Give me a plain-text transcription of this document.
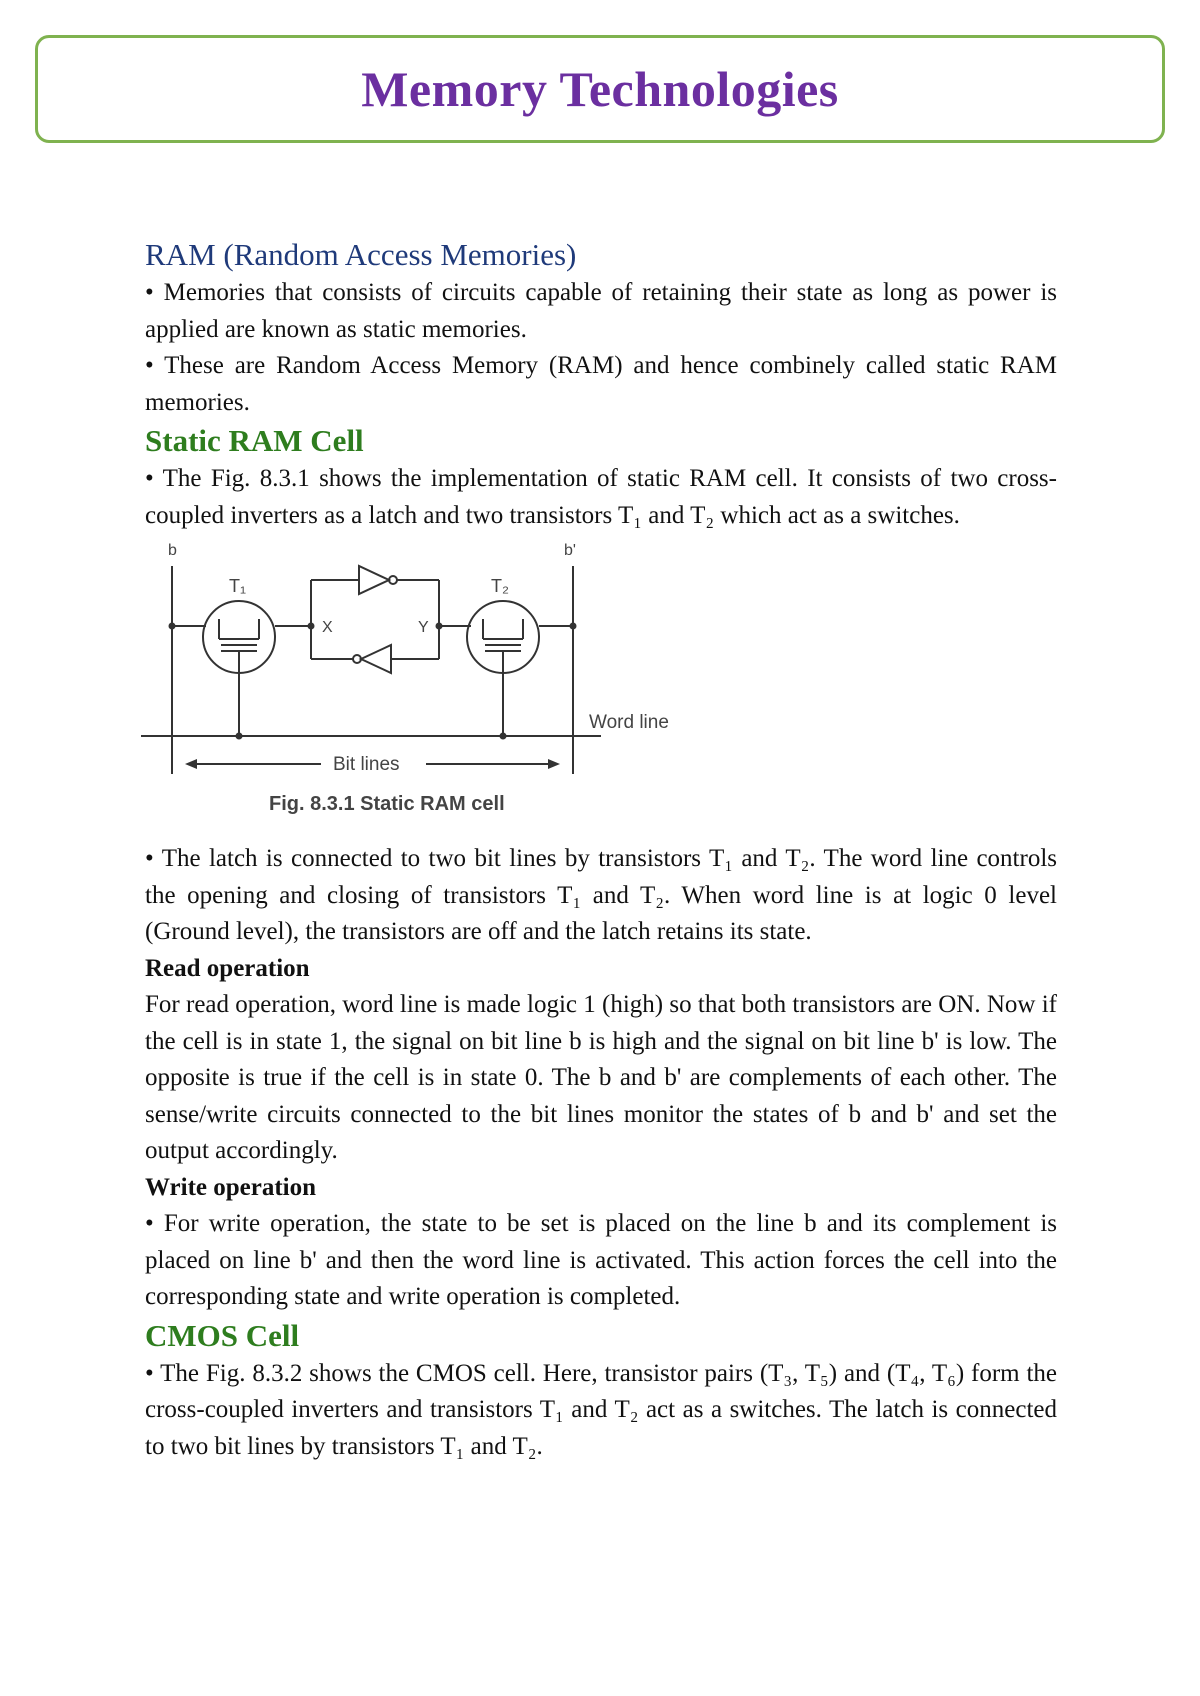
Memory Technologies
RAM (Random Access Memories)

• Memories that consists of circuits capable of retaining their state as long as power is applied are known as static memories.

• These are Random Access Memory (RAM) and hence combinely called static RAM memories.

Static RAM Cell

• The Fig. 8.3.1 shows the implementation of static RAM cell. It consists of two cross-coupled inverters as a latch and two transistors T₁ and T₂ which act as a switches.

b	b'
T₁	T₂
X	Y
Word line
Bit lines
Fig. 8.3.1 Static RAM cell

• The latch is connected to two bit lines by transistors T₁ and T₂. The word line controls the opening and closing of transistors T₁ and T₂. When word line is at logic 0 level (Ground level), the transistors are off and the latch retains its state.

Read operation

For read operation, word line is made logic 1 (high) so that both transistors are ON. Now if the cell is in state 1, the signal on bit line b is high and the signal on bit line b' is low. The opposite is true if the cell is in state 0. The b and b' are complements of each other. The sense/write circuits connected to the bit lines monitor the states of b and b' and set the output accordingly.

Write operation

• For write operation, the state to be set is placed on the line b and its complement is placed on line b' and then the word line is activated. This action forces the cell into the corresponding state and write operation is completed.

CMOS Cell

• The Fig. 8.3.2 shows the CMOS cell. Here, transistor pairs (T₃, T₅) and (T₄, T₆) form the cross-coupled inverters and transistors T₁ and T₂ act as a switches. The latch is connected to two bit lines by transistors T₁ and T₂.
